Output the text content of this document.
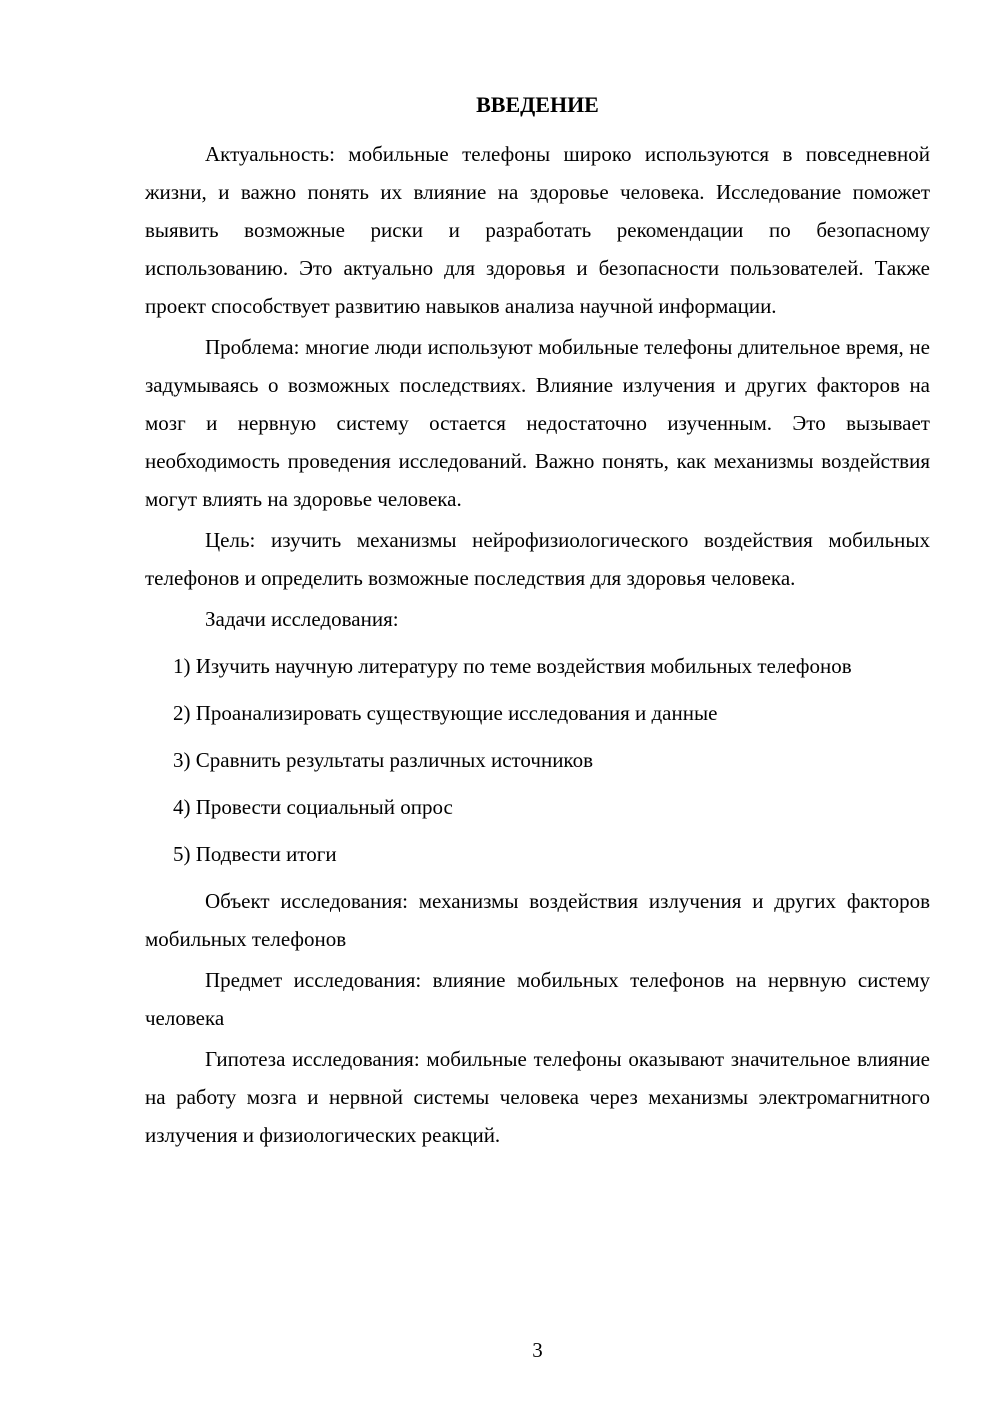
ВВЕДЕНИЕ

Актуальность: мобильные телефоны широко используются в повседневной жизни, и важно понять их влияние на здоровье человека. Исследование поможет выявить возможные риски и разработать рекомендации по безопасному использованию. Это актуально для здоровья и безопасности пользователей. Также проект способствует развитию навыков анализа научной информации.

Проблема: многие люди используют мобильные телефоны длительное время, не задумываясь о возможных последствиях. Влияние излучения и других факторов на мозг и нервную систему остается недостаточно изученным. Это вызывает необходимость проведения исследований. Важно понять, как механизмы воздействия могут влиять на здоровье человека.

Цель: изучить механизмы нейрофизиологического воздействия мобильных телефонов и определить возможные последствия для здоровья человека.

Задачи исследования:

1) Изучить научную литературу по теме воздействия мобильных телефонов

2) Проанализировать существующие исследования и данные

3) Сравнить результаты различных источников

4) Провести социальный опрос

5) Подвести итоги

Объект исследования: механизмы воздействия излучения и других факторов мобильных телефонов

Предмет исследования: влияние мобильных телефонов на нервную систему человека

Гипотеза исследования: мобильные телефоны оказывают значительное влияние на работу мозга и нервной системы человека через механизмы электромагнитного излучения и физиологических реакций.

3
